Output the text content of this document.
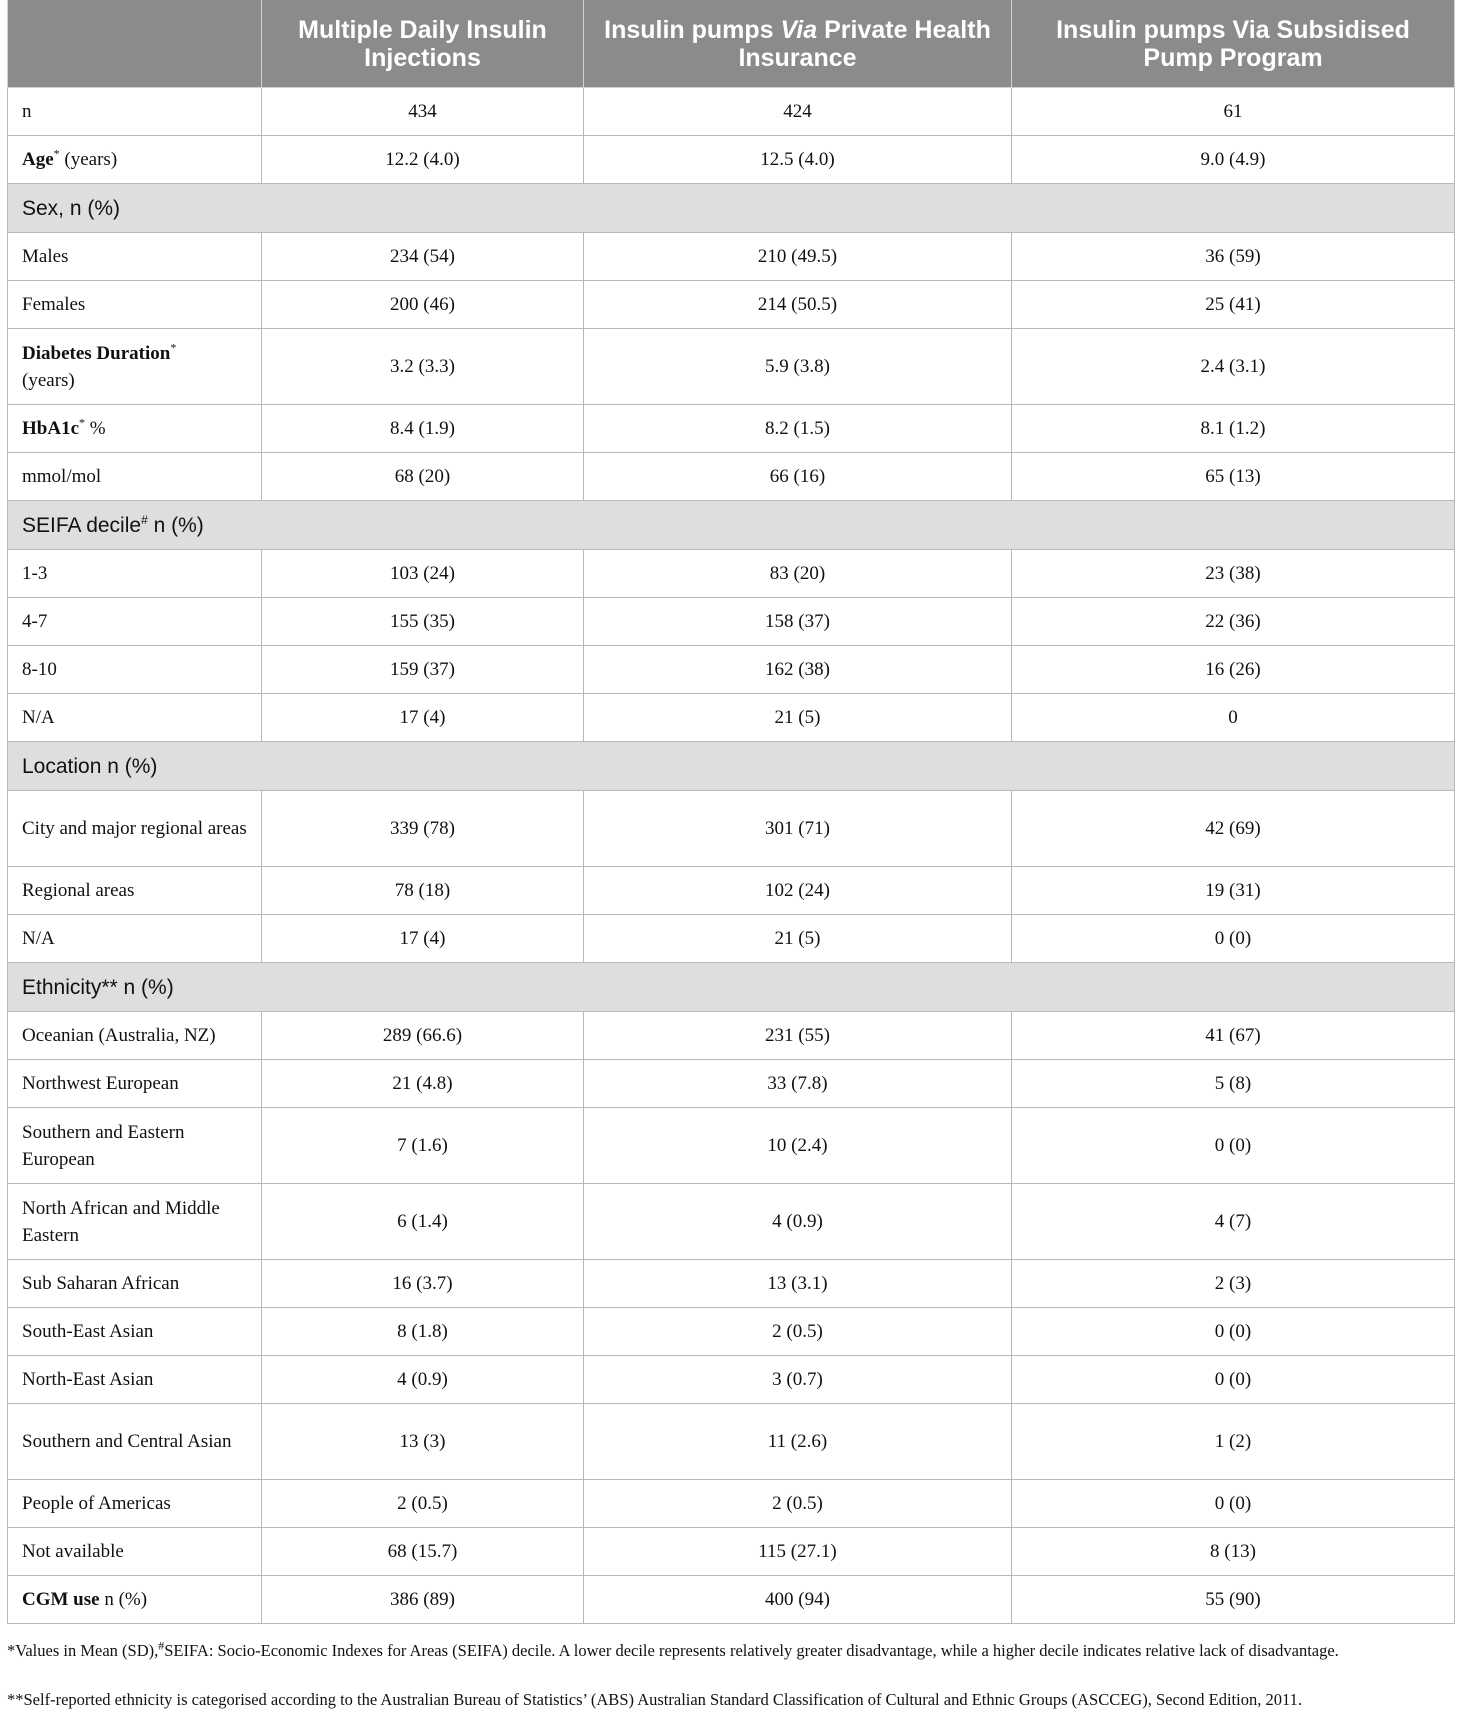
	Multiple Daily Insulin Injections	Insulin pumps Via Private Health Insurance	Insulin pumps Via Subsidised Pump Program
n	434	424	61
Age* (years)	12.2 (4.0)	12.5 (4.0)	9.0 (4.9)
Sex, n (%)			
Males	234 (54)	210 (49.5)	36 (59)
Females	200 (46)	214 (50.5)	25 (41)
Diabetes Duration*
(years)	3.2 (3.3)	5.9 (3.8)	2.4 (3.1)
HbA1c* %	8.4 (1.9)	8.2 (1.5)	8.1 (1.2)
mmol/mol	68 (20)	66 (16)	65 (13)
SEIFA decile# n (%)			
1-3	103 (24)	83 (20)	23 (38)
4-7	155 (35)	158 (37)	22 (36)
8-10	159 (37)	162 (38)	16 (26)
N/A	17 (4)	21 (5)	0
Location n (%)			
City and major regional areas	339 (78)	301 (71)	42 (69)
Regional areas	78 (18)	102 (24)	19 (31)
N/A	17 (4)	21 (5)	0 (0)
Ethnicity** n (%)			
Oceanian (Australia, NZ)	289 (66.6)	231 (55)	41 (67)
Northwest European	21 (4.8)	33 (7.8)	5 (8)
Southern and Eastern European	7 (1.6)	10 (2.4)	0 (0)
North African and Middle Eastern	6 (1.4)	4 (0.9)	4 (7)
Sub Saharan African	16 (3.7)	13 (3.1)	2 (3)
South-East Asian	8 (1.8)	2 (0.5)	0 (0)
North-East Asian	4 (0.9)	3 (0.7)	0 (0)
Southern and Central Asian	13 (3)	11 (2.6)	1 (2)
People of Americas	2 (0.5)	2 (0.5)	0 (0)
Not available	68 (15.7)	115 (27.1)	8 (13)
CGM use n (%)	386 (89)	400 (94)	55 (90)

*Values in Mean (SD),#SEIFA: Socio-Economic Indexes for Areas (SEIFA) decile. A lower decile represents relatively greater disadvantage, while a higher decile indicates relative lack of disadvantage.

**Self-reported ethnicity is categorised according to the Australian Bureau of Statistics’ (ABS) Australian Standard Classification of Cultural and Ethnic Groups (ASCCEG), Second Edition, 2011.
